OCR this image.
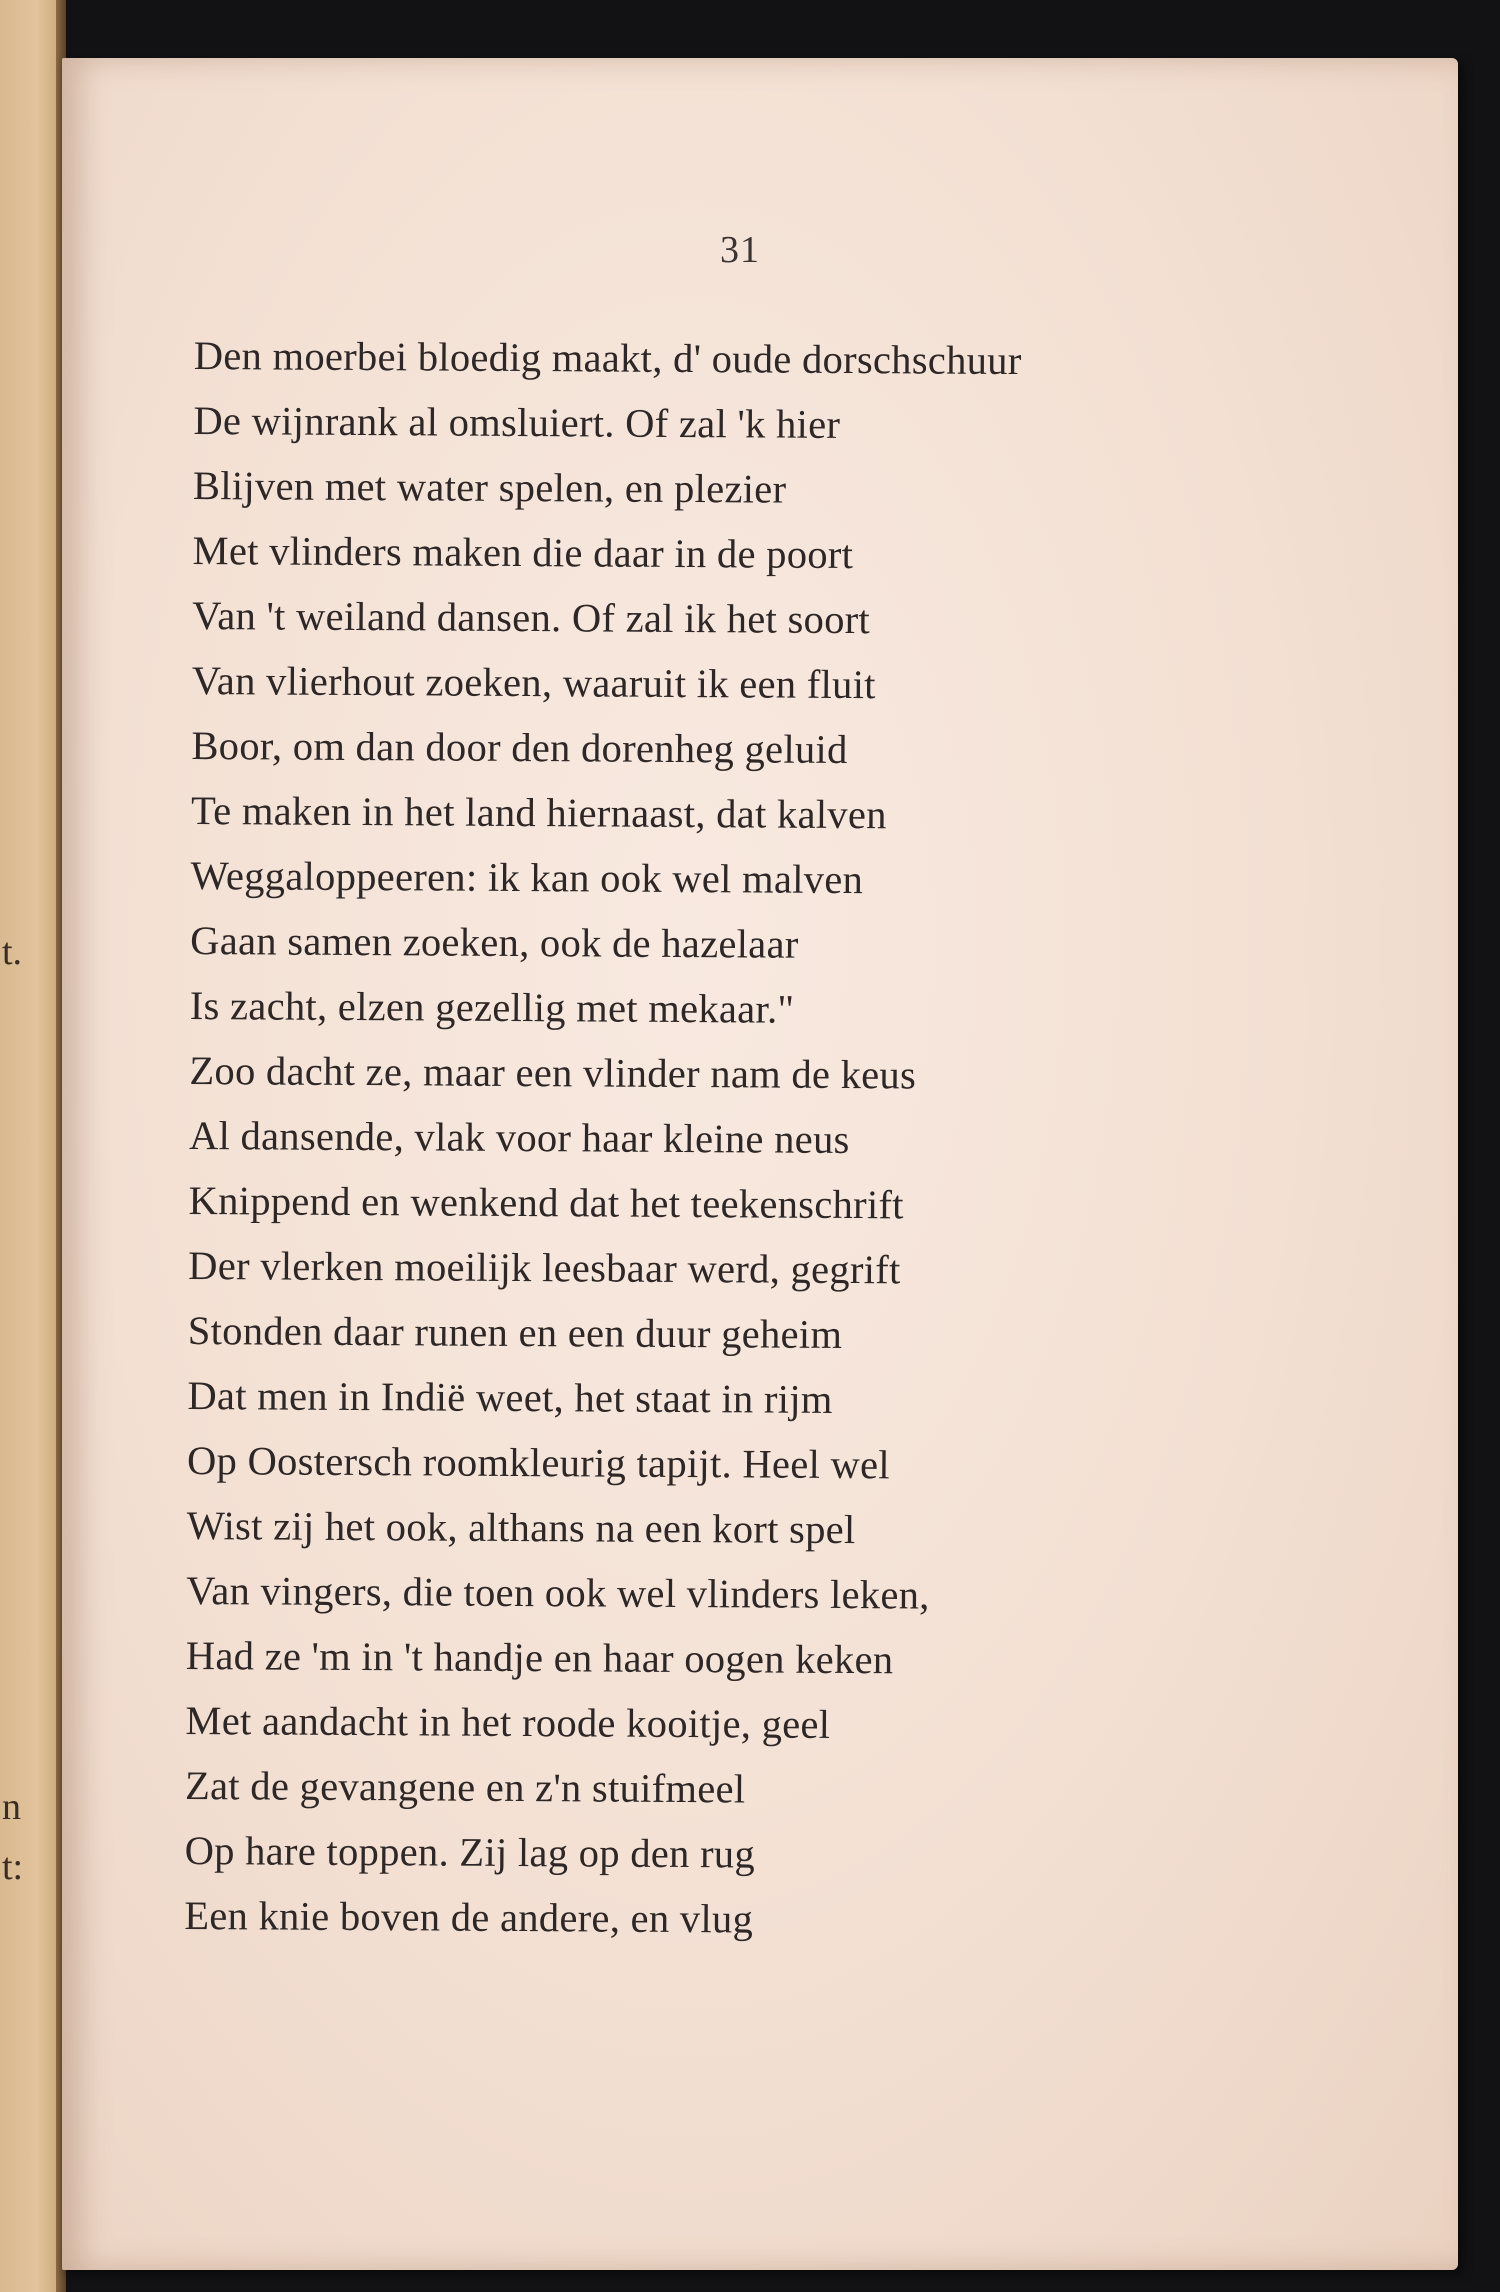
t.
n
t:
31
Den moerbei bloedig maakt, d' oude dorschschuur
De wijnrank al omsluiert. Of zal 'k hier
Blijven met water spelen, en plezier
Met vlinders maken die daar in de poort
Van 't weiland dansen. Of zal ik het soort
Van vlierhout zoeken, waaruit ik een fluit
Boor, om dan door den dorenheg geluid
Te maken in het land hiernaast, dat kalven
Weggaloppeeren: ik kan ook wel malven
Gaan samen zoeken, ook de hazelaar
Is zacht, elzen gezellig met mekaar."
Zoo dacht ze, maar een vlinder nam de keus
Al dansende, vlak voor haar kleine neus
Knippend en wenkend dat het teekenschrift
Der vlerken moeilijk leesbaar werd, gegrift
Stonden daar runen en een duur geheim
Dat men in Indië weet, het staat in rijm
Op Oostersch roomkleurig tapijt. Heel wel
Wist zij het ook, althans na een kort spel
Van vingers, die toen ook wel vlinders leken,
Had ze 'm in 't handje en haar oogen keken
Met aandacht in het roode kooitje, geel
Zat de gevangene en z'n stuifmeel
Op hare toppen. Zij lag op den rug
Een knie boven de andere, en vlug
